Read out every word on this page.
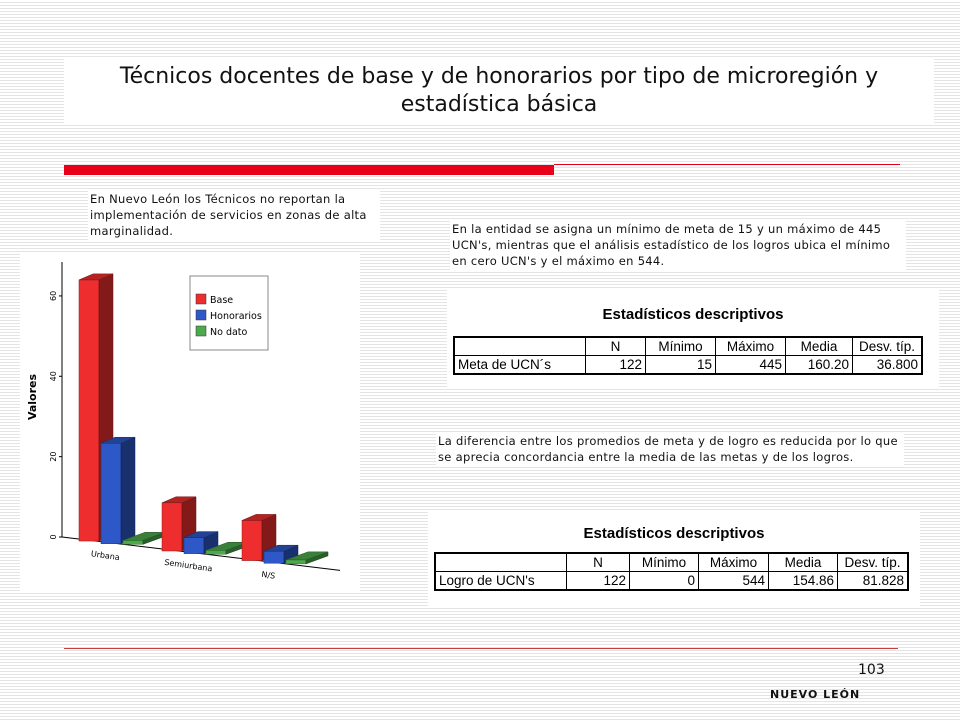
Técnicos docentes de base y de honorarios por tipo de microregión y estadística básica
En Nuevo León los Técnicos no reportan la implementación de servicios en zonas de alta marginalidad.	En la entidad se asigna un mínimo de meta de 15 y un máximo de 445 UCN's, mientras que el análisis estadístico de los logros ubica el mínimo en cero UCN's y el máximo en 544.
La diferencia entre los promedios de meta y de logro es reducida por lo que se aprecia concordancia entre la media de las metas y de los logros.
0
20
40
60
Valores
Urbana
Semiurbana
N/S
Base
Honorarios
No dato
Estadísticos descriptivos
	N	Mínimo	Máximo	Media	Desv. típ.
Meta de UCN´s	122	15	445	160.20	36.800
Estadísticos descriptivos
	N	Mínimo	Máximo	Media	Desv. típ.
Logro de UCN's	122	0	544	154.86	81.828
103
NUEVO LEÓN
